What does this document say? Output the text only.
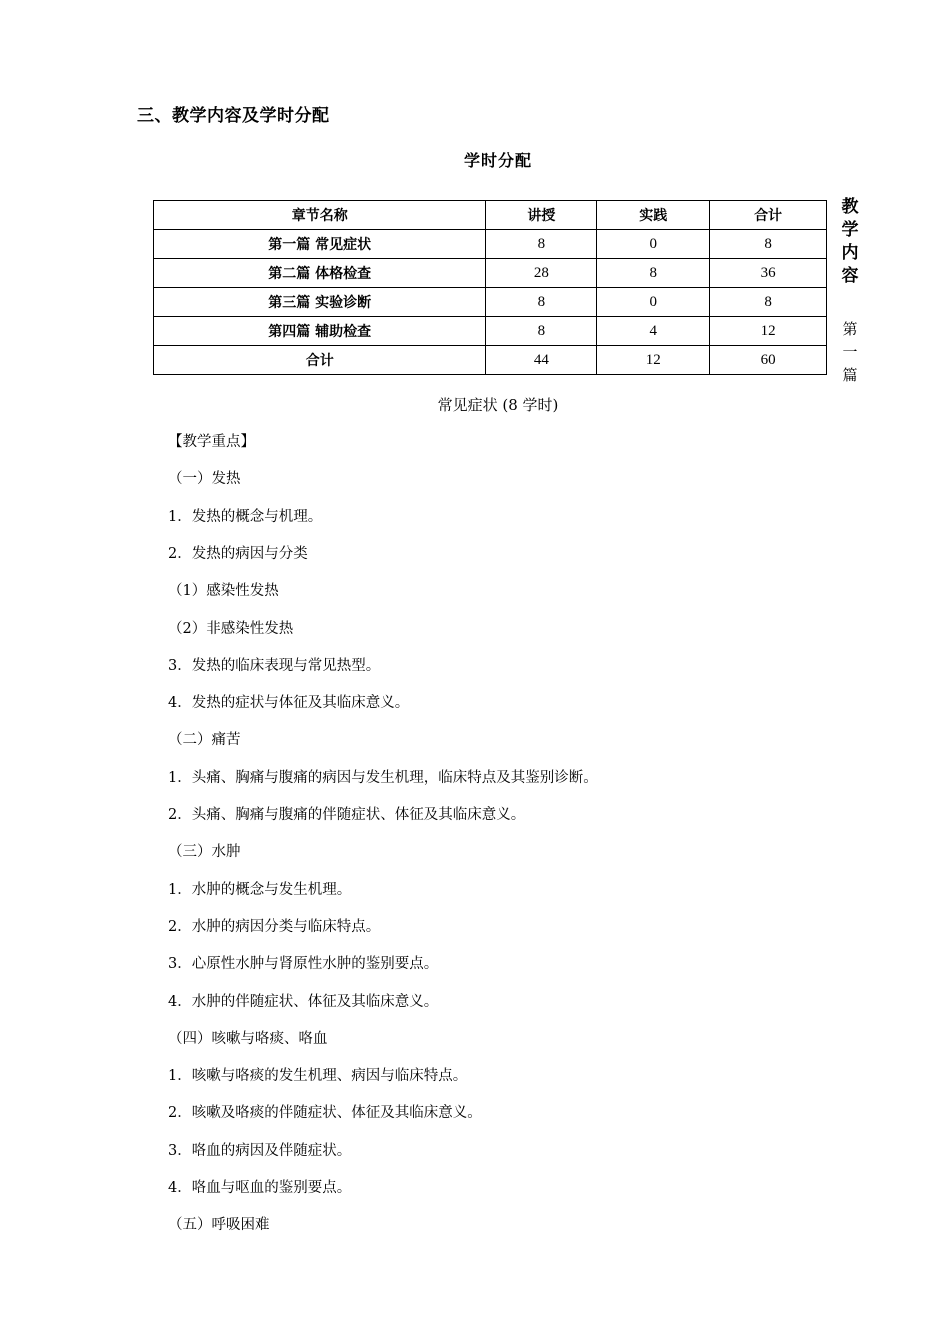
三、教学内容及学时分配
学时分配
章节名称	讲授	实践	合计
第一篇 常见症状	8	0	8
第二篇 体格检查	28	8	36
第三篇 实验诊断	8	0	8
第四篇 辅助检查	8	4	12
合计	44	12	60
教学内容
第一篇
常见症状 (8 学时)
【教学重点】
（一）发热
1．发热的概念与机理。
2．发热的病因与分类
（1）感染性发热
（2）非感染性发热
3．发热的临床表现与常见热型。
4．发热的症状与体征及其临床意义。
（二）痛苦
1．头痛、胸痛与腹痛的病因与发生机理，临床特点及其鉴别诊断。
2．头痛、胸痛与腹痛的伴随症状、体征及其临床意义。
（三）水肿
1．水肿的概念与发生机理。
2．水肿的病因分类与临床特点。
3．心原性水肿与肾原性水肿的鉴别要点。
4．水肿的伴随症状、体征及其临床意义。
（四）咳嗽与咯痰、咯血
1．咳嗽与咯痰的发生机理、病因与临床特点。
2．咳嗽及咯痰的伴随症状、体征及其临床意义。
3．咯血的病因及伴随症状。
4．咯血与呕血的鉴别要点。
（五）呼吸困难
